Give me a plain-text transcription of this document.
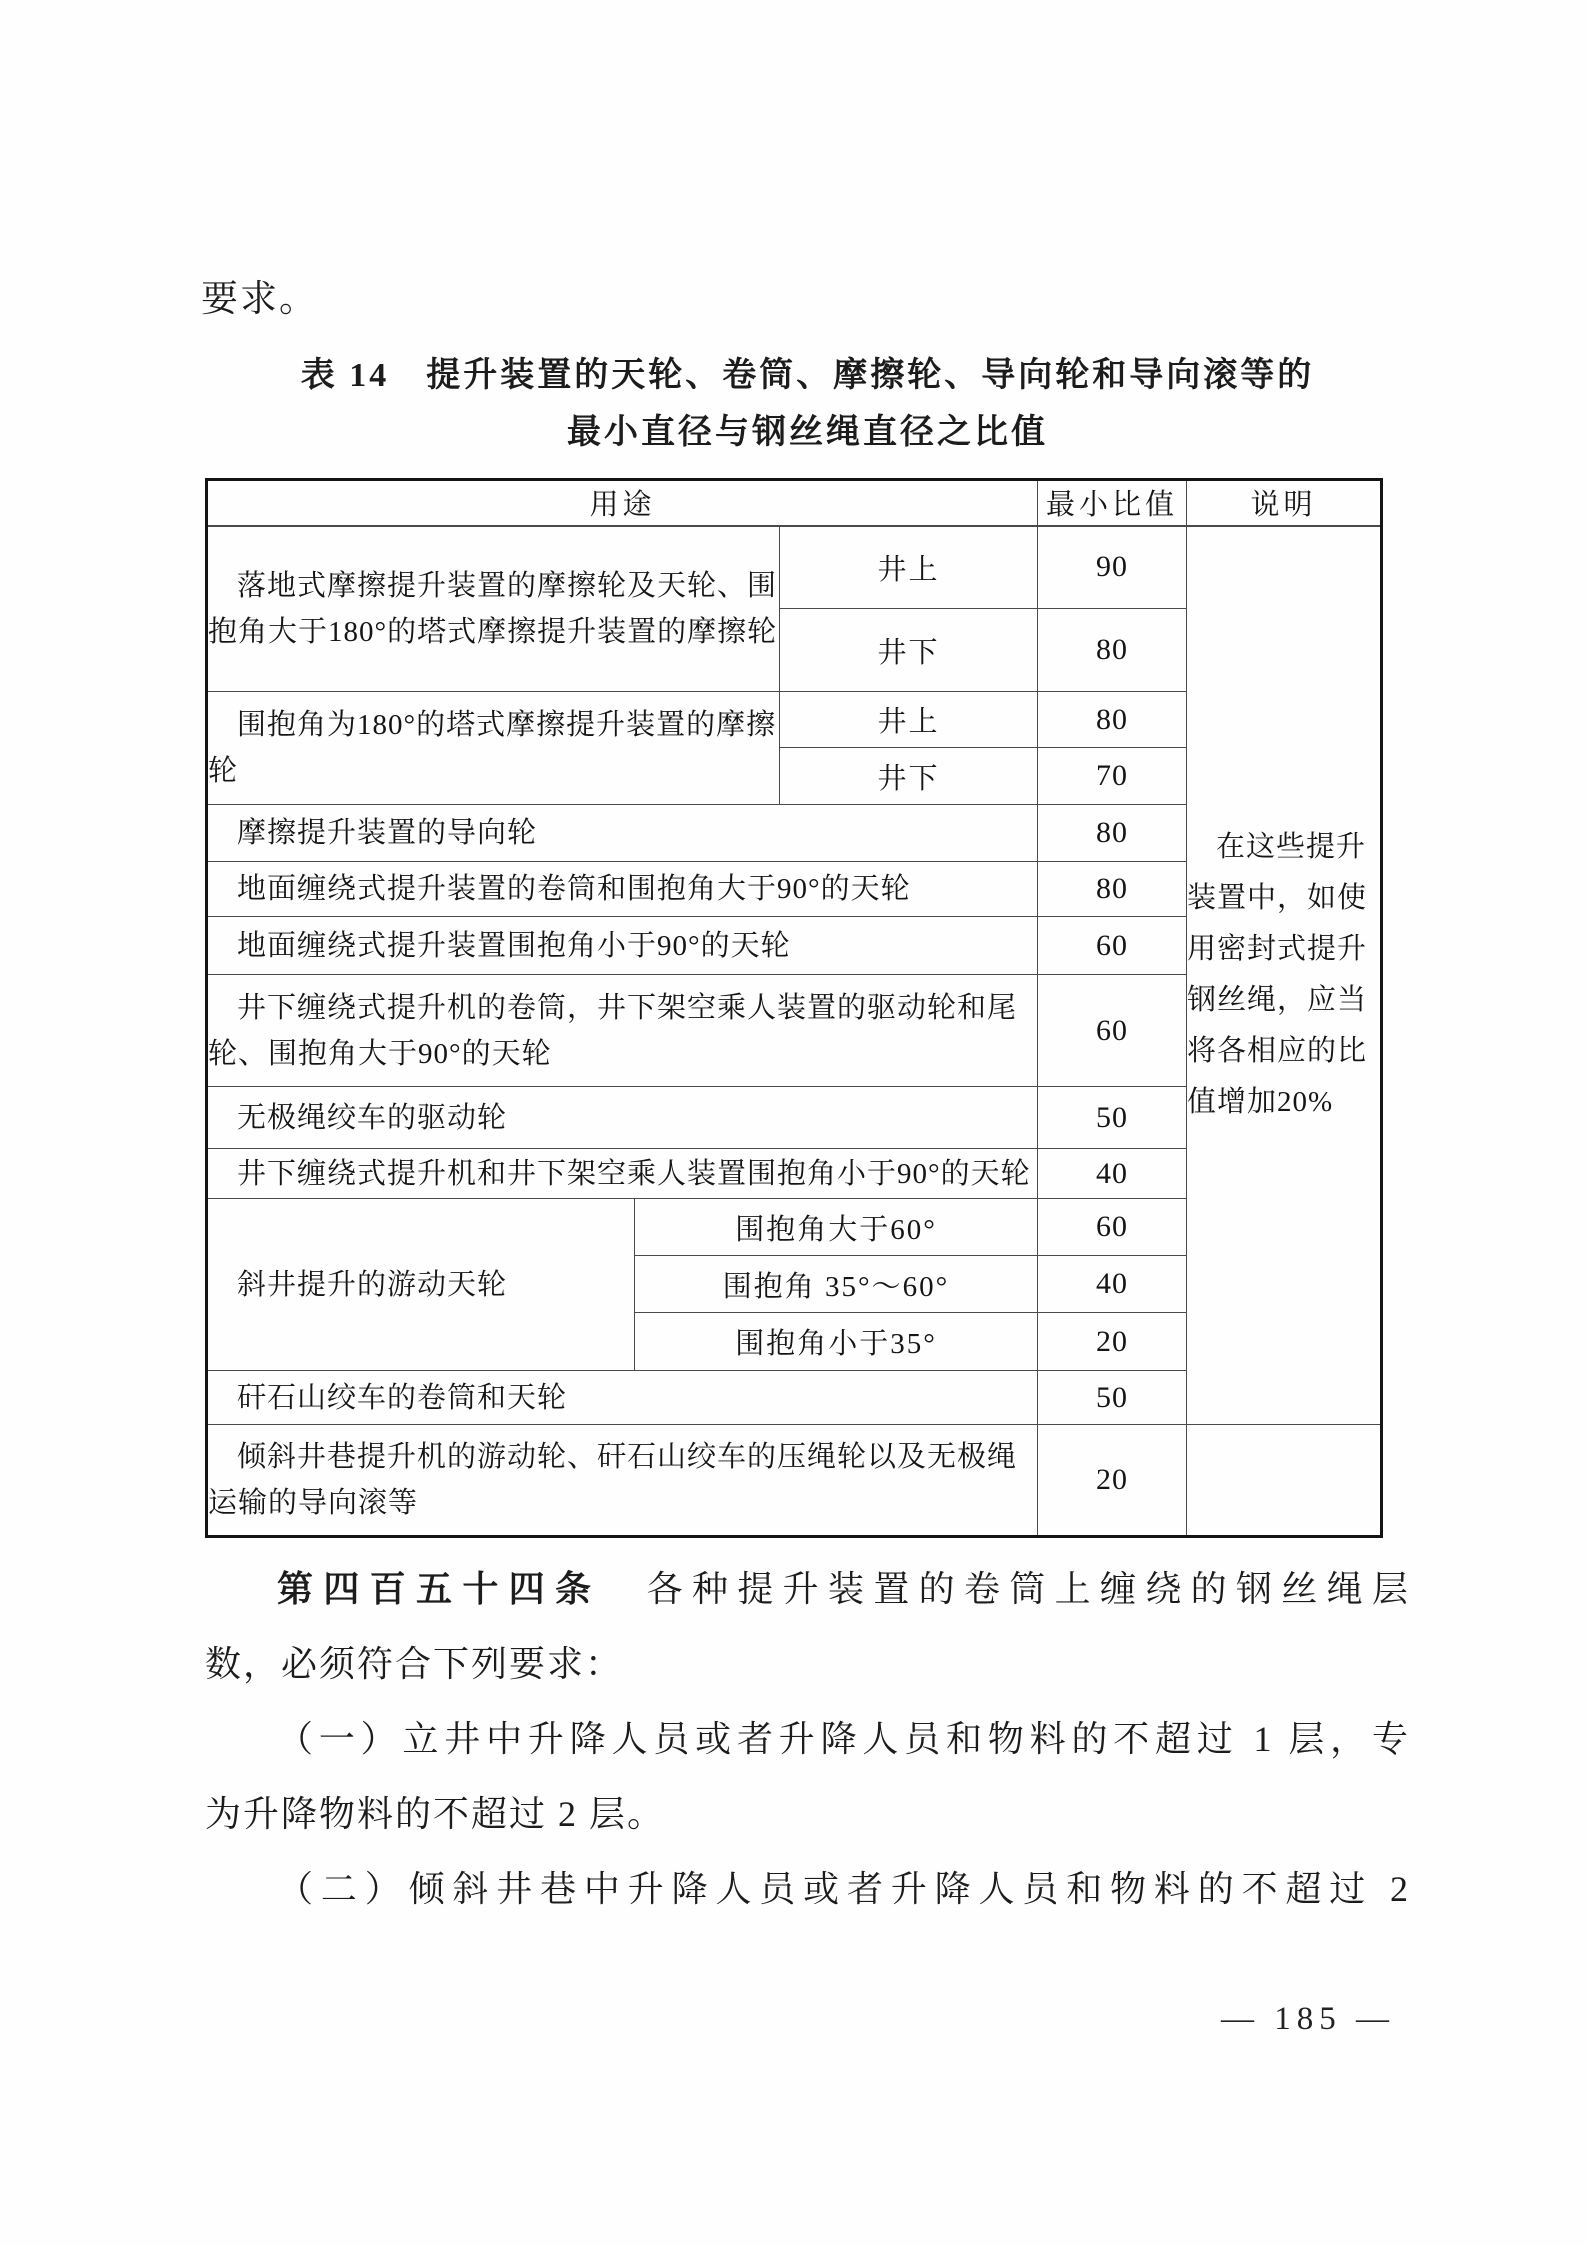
要求。
表 14　提升装置的天轮、卷筒、摩擦轮、导向轮和导向滚等的
最小直径与钢丝绳直径之比值
用途			最小比值	说明
落地式摩擦提升装置的摩擦轮及天轮、围抱角大于180°的塔式摩擦提升装置的摩擦轮		井上	90	在这些提升装置中，如使用密封式提升钢丝绳，应当将各相应的比值增加20%
		井下	80	
围抱角为180°的塔式摩擦提升装置的摩擦轮		井上	80	
		井下	70	
摩擦提升装置的导向轮			80	
地面缠绕式提升装置的卷筒和围抱角大于90°的天轮			80	
地面缠绕式提升装置围抱角小于90°的天轮			60	
井下缠绕式提升机的卷筒，井下架空乘人装置的驱动轮和尾轮、围抱角大于90°的天轮			60	
无极绳绞车的驱动轮			50	
井下缠绕式提升机和井下架空乘人装置围抱角小于90°的天轮			40	
斜井提升的游动天轮	围抱角大于60°		60	
	围抱角 35°～60°		40	
	围抱角小于35°		20	
矸石山绞车的卷筒和天轮			50	
倾斜井巷提升机的游动轮、矸石山绞车的压绳轮以及无极绳运输的导向滚等			20	
第四百五十四条　各种提升装置的卷筒上缠绕的钢丝绳层
数，必须符合下列要求：
（一）立井中升降人员或者升降人员和物料的不超过 1 层，专
为升降物料的不超过 2 层。
（二）倾斜井巷中升降人员或者升降人员和物料的不超过 2
— 185 —
